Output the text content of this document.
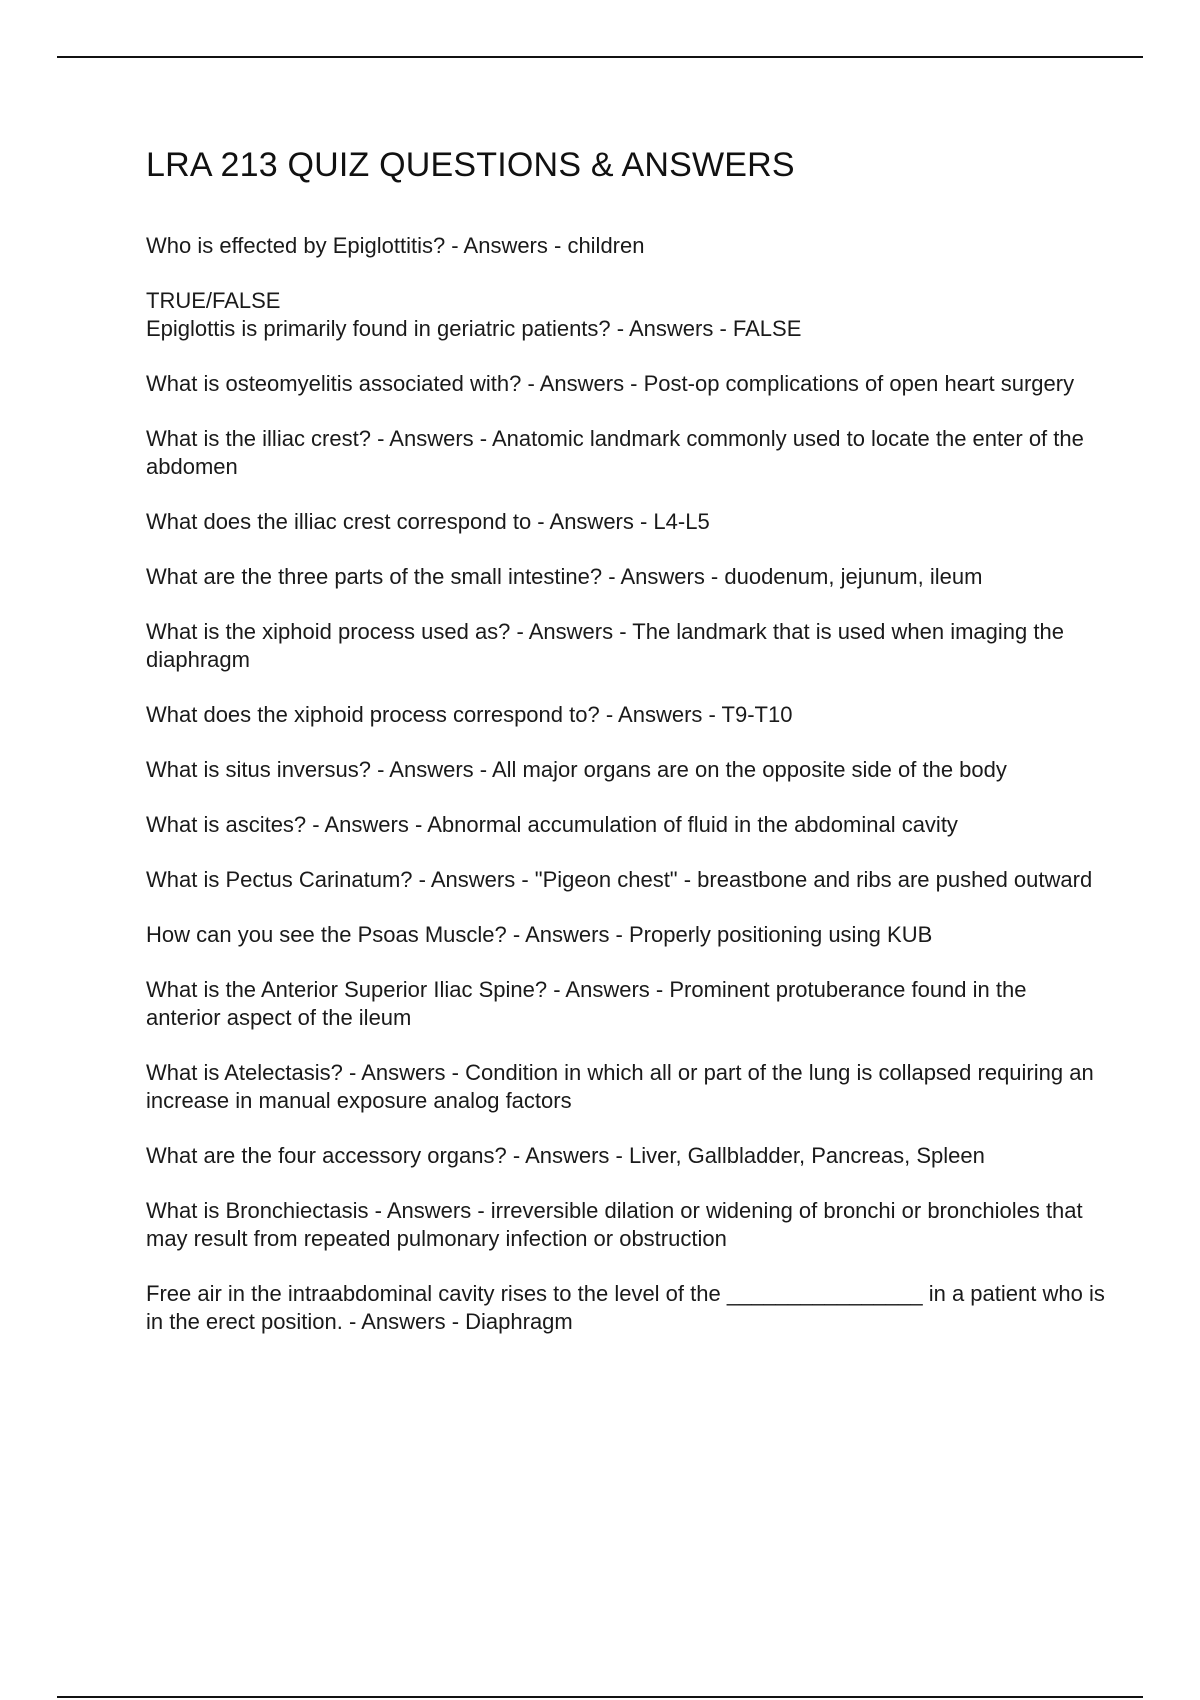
LRA 213 QUIZ QUESTIONS & ANSWERS

Who is effected by Epiglottitis? - Answers - children

TRUE/FALSE
Epiglottis is primarily found in geriatric patients? - Answers - FALSE

What is osteomyelitis associated with? - Answers - Post-op complications of open heart surgery

What is the illiac crest? - Answers - Anatomic landmark commonly used to locate the enter of the abdomen

What does the illiac crest correspond to - Answers - L4-L5

What are the three parts of the small intestine? - Answers - duodenum, jejunum, ileum

What is the xiphoid process used as? - Answers - The landmark that is used when imaging the diaphragm

What does the xiphoid process correspond to? - Answers - T9-T10

What is situs inversus? - Answers - All major organs are on the opposite side of the body

What is ascites? - Answers - Abnormal accumulation of fluid in the abdominal cavity

What is Pectus Carinatum? - Answers - "Pigeon chest" - breastbone and ribs are pushed outward

How can you see the Psoas Muscle? - Answers - Properly positioning using KUB

What is the Anterior Superior Iliac Spine? - Answers - Prominent protuberance found in the anterior aspect of the ileum

What is Atelectasis? - Answers - Condition in which all or part of the lung is collapsed requiring an increase in manual exposure analog factors

What are the four accessory organs? - Answers - Liver, Gallbladder, Pancreas, Spleen

What is Bronchiectasis - Answers - irreversible dilation or widening of bronchi or bronchioles that may result from repeated pulmonary infection or obstruction

Free air in the intraabdominal cavity rises to the level of the ________________ in a patient who is in the erect position. - Answers - Diaphragm
